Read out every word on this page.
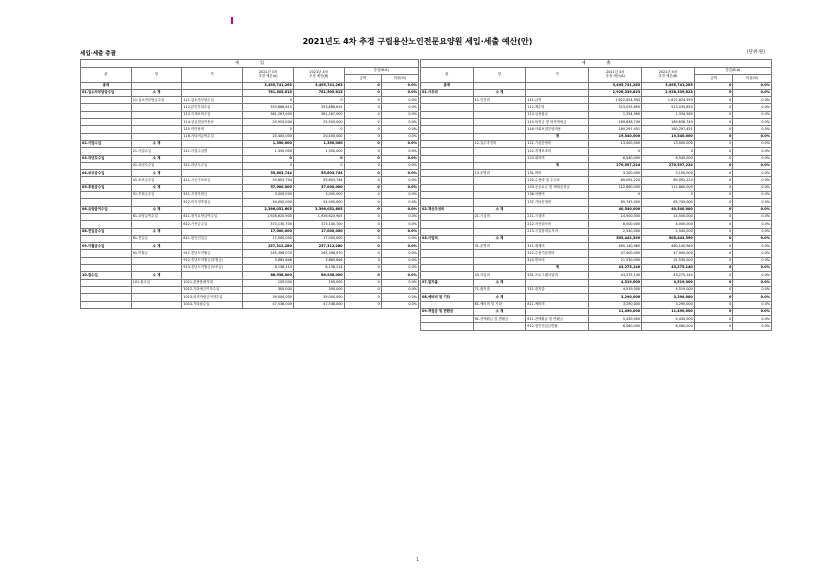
2021년도 4차 추경 구립용산노인전문요양원 세입·세출 예산(안)
세입·세출 총괄	(단위:원)
세　　　　　입						
관	항	목	2021년 3차
추경 예산(A)	2021년 4차
추경 예산(B)	증감(B-A)	
					금액	비율(%)
총계			3,495,741,263	3,495,741,263	0	0.0%
01.입소자부담금수입	소 계		761,505,615	761,505,615	0	0.0%
	11.입소자부담금수입	111.입소자부담수입	0	0	0	0.0%
		112.본인부담수입	353,888,615	353,888,615	0	0.0%
		113.식재료비수입	361,267,000	361,267,000	0	0.0%
		114.상급침실이용료	25,950,000	25,950,000	0	0.0%
		115.이미용비	0	0	0	0.0%
		116.기타비급여수입	20,400,000	20,400,000	0	0.0%
02.사업수입	소 계		1,350,000	1,350,000	0	0.0%
	21.사업수입	211.사업수입명	1,350,000	1,350,000	0	0.0%
03.과년도수입	소 계		0	0	0	0.0%
	31.과년도수입	311.과년도수입	0	0	0	0.0%
04.보조금수입	소 계		55,603,744	55,603,744	0	0.0%
	41.보조금수입	411.시군구보조금	55,603,744	55,603,744	0	0.0%
05.후원금수입	소 계		57,000,000	57,000,000	0	0.0%
	51.후원금수입	511.지정후원금	3,000,000	3,000,000	0	0.0%
		512.비지정후원금	54,000,000	54,000,000	0	0.0%
06.요양급여수입	소 계		2,396,051,605	2,396,051,605	0	0.0%
	61.요양급여수입	611.장기요양급여수입	1,926,620,905	1,926,620,905	0	0.0%
		612.가산금수입	373,130,700	373,130,700	0	0.0%
08.전입금수입	소 계		17,000,000	17,000,000	0	0.0%
	81.전입금	811.법인전입금	17,000,000	17,000,000	0	0.0%
09.이월금수입	소 계		257,312,280	257,312,280	0	0.0%
	91.이월금	911.전년도이월금	245,398,070	245,398,070	0	0.0%
		912.전년도이월금(후원금)	3,865,646	3,865,646	0	0.0%
		913.전년도이월금(보조금)	8,138,214	8,138,214	0	0.0%
10.잡수입	소 계		86,938,000	86,938,000	0	0.0%
	101.잡수입	1011.불용품매각대	100,000	100,000	0	0.0%
		1012.기타예금이자수입	300,000	300,000	0	0.0%
		1013.퇴직적립금이자수입	39,000,000	39,000,000	0	0.0%
		1014.기타잡수입	47,538,000	47,538,000	0	0.0%
세　　　　　출						
관	항	목	2021년 3차
추경 예산(A)	2021년 4차
추경 예산(B)	증감(B-A)	
					금액	비율(%)
총계			3,495,741,263	3,495,741,263	0	0.0%
01.사무비	소 계		2,928,339,823	2,928,339,823	0	0.0%
	11.인건비	111.급여	1,622,824,593	1,622,824,593	0	0.0%
		112.제수당	523,035,850	523,035,850	0	0.0%
		113.일용잡급	1,334,560	1,334,560	0	0.0%
		115.퇴직금 및 퇴직적립금	189,638,749	189,638,749	0	0.0%
		116.사회보험부담비용	180,297,451	180,297,451	0	0.0%
		계	19,540,000	19,540,000	0	0.0%
	12.업무추진비	121.기관운영비	13,000,000	13,000,000	0	0.0%
		122.직책보조비	0	0	0	0.0%
		123.회의비	6,540,000	6,540,000	0	0.0%
		계	270,597,224	270,597,224	0	0.0%
	13.운영비	131.여비	3,100,000	3,100,000	0	0.0%
		132.수용비 및 수수료	89,092,224	89,092,224	0	0.0%
		133.공공요금 및 제세공과금	112,660,000	112,660,000	0	0.0%
		136.차량비	0	0	0	0.0%
		137.기타운영비	65,745,000	65,745,000	0	0.0%
02.재산조성비	소 계		40,540,000	40,540,000	0	0.0%
	21.시설비	211.시설비	14,500,000	14,500,000	0	0.0%
		212.자산취득비	8,000,000	8,000,000	0	0.0%
		213.시설장비유지비	2,540,000	2,540,000	0	0.0%
03.사업비	소 계		505,442,390	505,442,390	0	0.0%
	31.운영비	311.생계비	460,140,960	460,140,960	0	0.0%
		312.수용기관경비	47,000,000	47,000,000	0	0.0%
		314.연료비	21,530,000	21,530,000	0	0.0%
		계	43,275,140	43,275,140	0	0.0%
	33.사업비	331.프로그램사업비	43,275,140	43,275,140	0	0.0%
07.잡지출	소 계		4,519,000	4,519,000	0	0.0%
	71.잡지출	711.잡지출	4,519,000	4,519,000	0	0.0%
08.예비비 및 기타	소 계		3,290,000	3,290,000	0	0.0%
	81.예비비 및 기타	811.예비비	3,290,000	3,290,000	0	0.0%
09.적립금 및 반환금	소 계		11,490,000	11,490,000	0	0.0%
	91.잔액환급 및 반환금	911.잔액환급 및 반환금	5,430,000	5,430,000	0	0.0%
		912.법인전입금반환	6,060,000	6,060,000	0	0.0%
1
